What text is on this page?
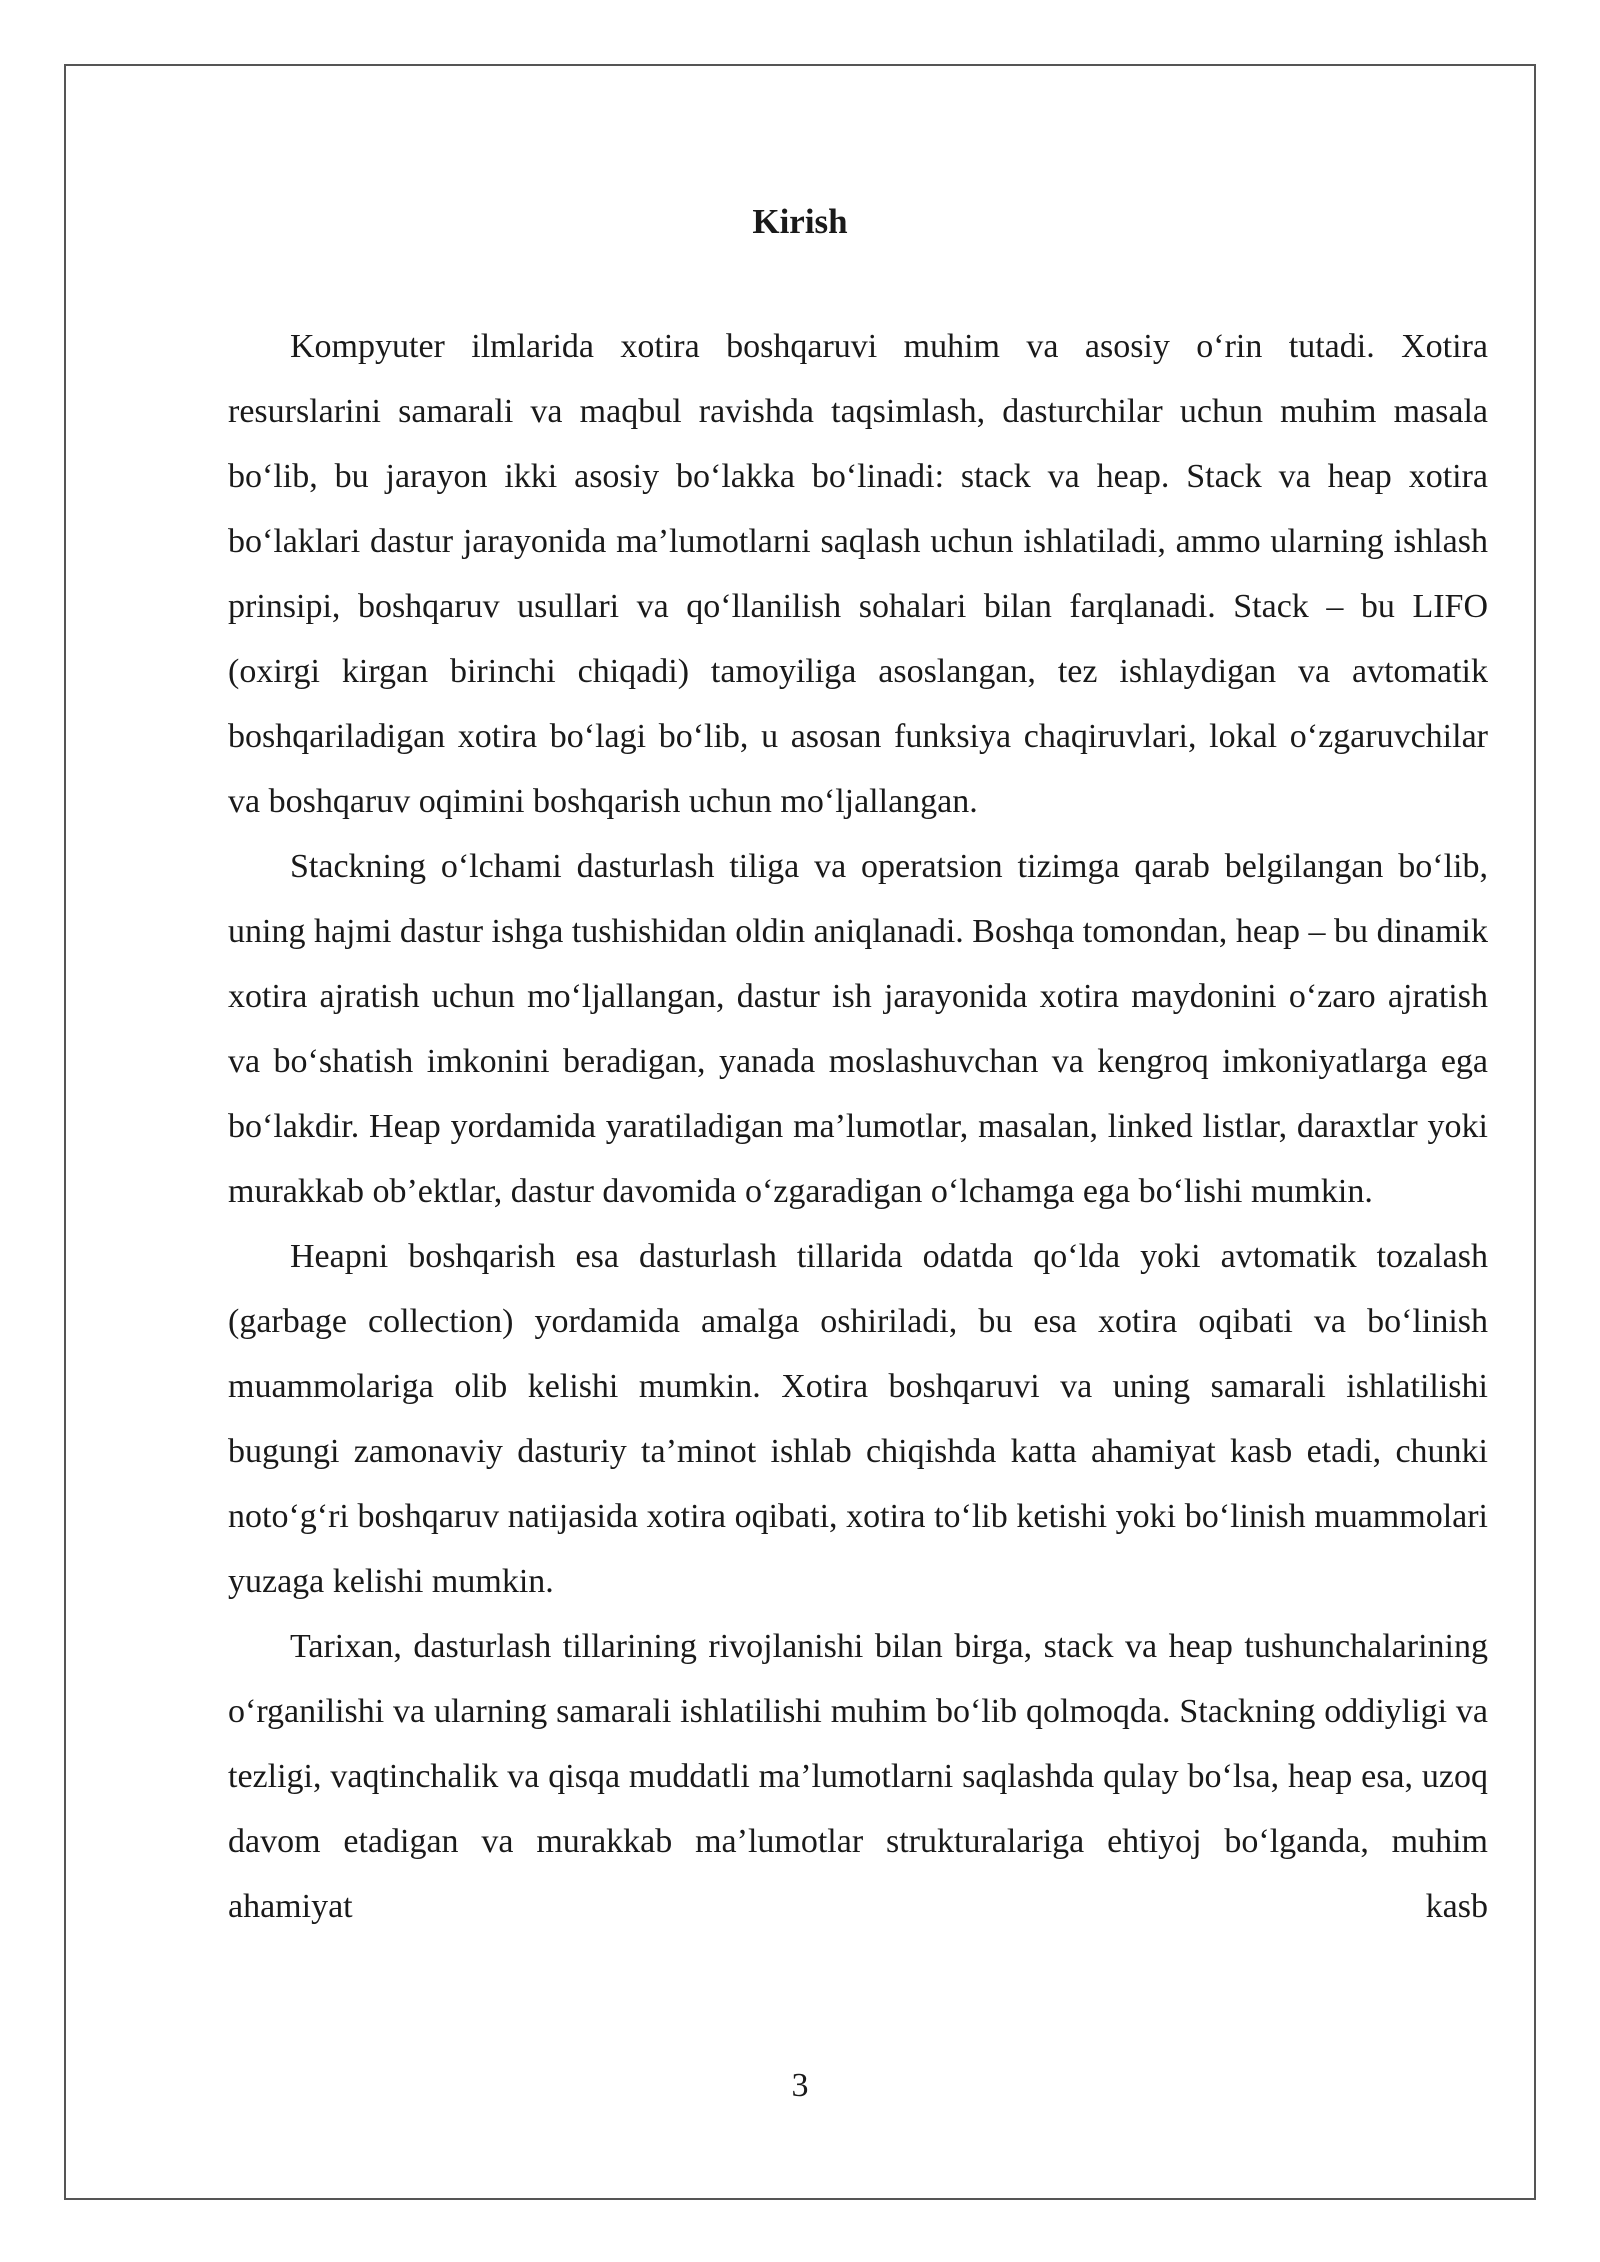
Kirish

Kompyuter ilmlarida xotira boshqaruvi muhim va asosiy o‘rin tutadi. Xotira resurslarini samarali va maqbul ravishda taqsimlash, dasturchilar uchun muhim masala bo‘lib, bu jarayon ikki asosiy bo‘lakka bo‘linadi: stack va heap. Stack va heap xotira bo‘laklari dastur jarayonida ma’lumotlarni saqlash uchun ishlatiladi, ammo ularning ishlash prinsipi, boshqaruv usullari va qo‘llanilish sohalari bilan farqlanadi. Stack – bu LIFO (oxirgi kirgan birinchi chiqadi) tamoyiliga asoslangan, tez ishlaydigan va avtomatik boshqariladigan xotira bo‘lagi bo‘lib, u asosan funksiya chaqiruvlari, lokal o‘zgaruvchilar va boshqaruv oqimini boshqarish uchun mo‘ljallangan.

Stackning o‘lchami dasturlash tiliga va operatsion tizimga qarab belgilangan bo‘lib, uning hajmi dastur ishga tushishidan oldin aniqlanadi. Boshqa tomondan, heap – bu dinamik xotira ajratish uchun mo‘ljallangan, dastur ish jarayonida xotira maydonini o‘zaro ajratish va bo‘shatish imkonini beradigan, yanada moslashuvchan va kengroq imkoniyatlarga ega bo‘lakdir. Heap yordamida yaratiladigan ma’lumotlar, masalan, linked listlar, daraxtlar yoki murakkab ob’ektlar, dastur davomida o‘zgaradigan o‘lchamga ega bo‘lishi mumkin.

Heapni boshqarish esa dasturlash tillarida odatda qo‘lda yoki avtomatik tozalash (garbage collection) yordamida amalga oshiriladi, bu esa xotira oqibati va bo‘linish muammolariga olib kelishi mumkin. Xotira boshqaruvi va uning samarali ishlatilishi bugungi zamonaviy dasturiy ta’minot ishlab chiqishda katta ahamiyat kasb etadi, chunki noto‘g‘ri boshqaruv natijasida xotira oqibati, xotira to‘lib ketishi yoki bo‘linish muammolari yuzaga kelishi mumkin.

Tarixan, dasturlash tillarining rivojlanishi bilan birga, stack va heap tushunchalarining o‘rganilishi va ularning samarali ishlatilishi muhim bo‘lib qolmoqda. Stackning oddiyligi va tezligi, vaqtinchalik va qisqa muddatli ma’lumotlarni saqlashda qulay bo‘lsa, heap esa, uzoq davom etadigan va murakkab ma’lumotlar strukturalariga ehtiyoj bo‘lganda, muhim ahamiyat kasb

3
